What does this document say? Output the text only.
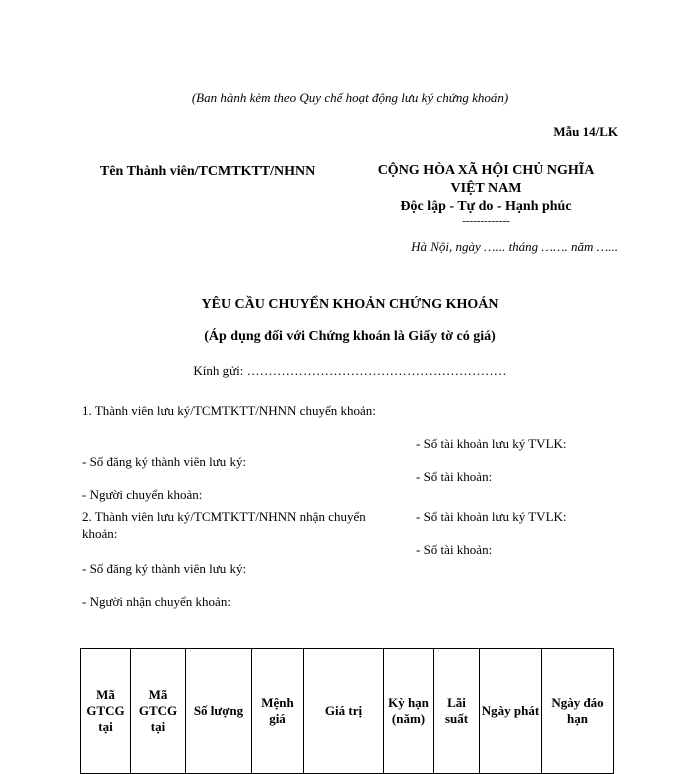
(Ban hành kèm theo Quy chế hoạt động lưu ký chứng khoán)
Mẫu 14/LK
Tên Thành viên/TCMTKTT/NHNN	CỘNG HÒA XÃ HỘI CHỦ NGHĨA
VIỆT NAM
Độc lập - Tự do - Hạnh phúc
-------------
Hà Nội, ngày …... tháng ……. năm …...
YÊU CẦU CHUYỂN KHOẢN CHỨNG KHOÁN
(Áp dụng đối với Chứng khoán là Giấy tờ có giá)
Kính gửi: ……………………………………………………
1. Thành viên lưu ký/TCMTKTT/NHNN chuyển khoản:
- Số đăng ký thành viên lưu ký:
- Người chuyển khoản:
- Số tài khoản lưu ký TVLK:
- Số tài khoản:
2. Thành viên lưu ký/TCMTKTT/NHNN nhận chuyển khoản:
- Số đăng ký thành viên lưu ký:
- Người nhận chuyển khoản:
- Số tài khoản lưu ký TVLK:
- Số tài khoản:
Mã GTCG tại	Mã GTCG tại	Số lượng	Mệnh giá	Giá trị	Kỳ hạn (năm)	Lãi suất	Ngày phát	Ngày đáo hạn
